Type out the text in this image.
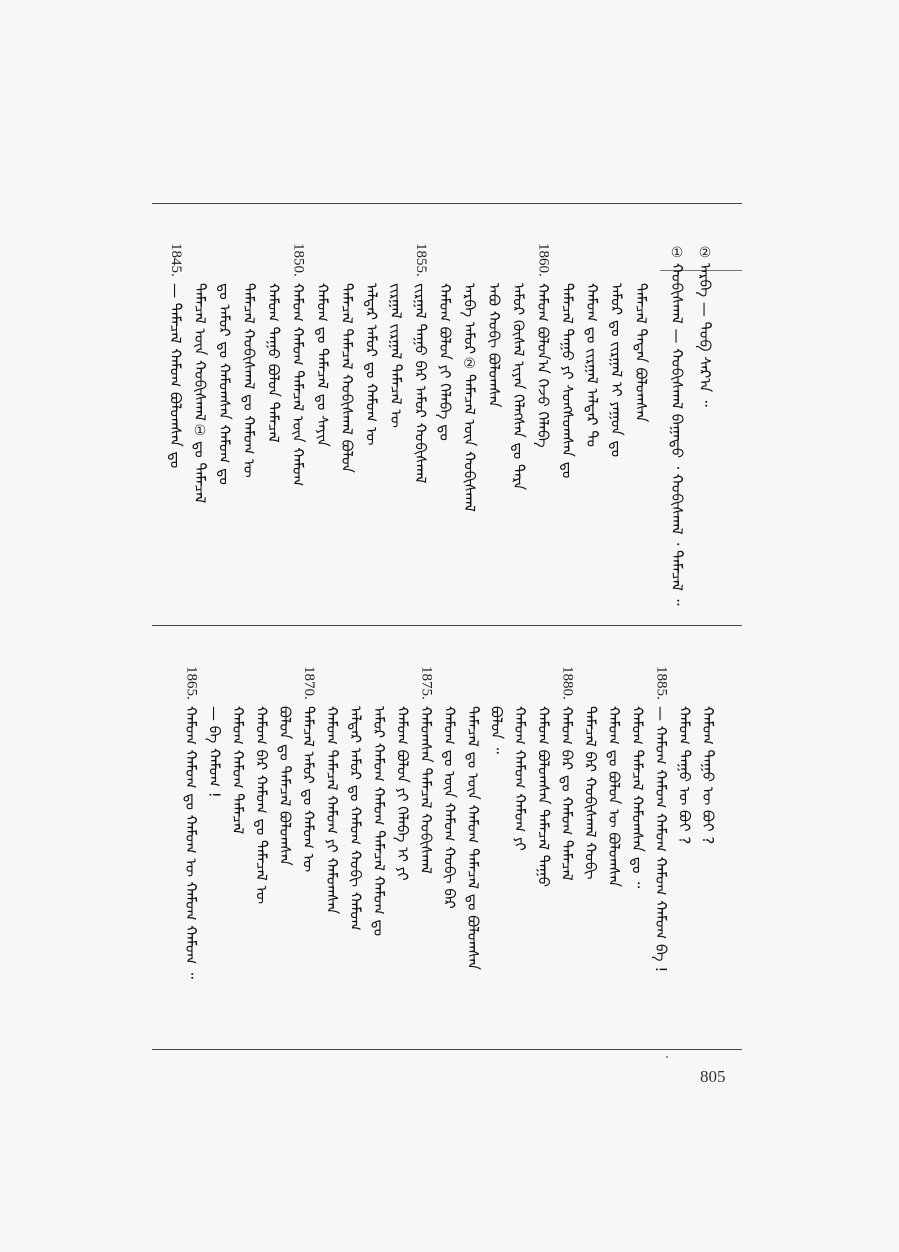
②
ᠠᠷᠪᠠ — ᠲᠤᠪ ᠰᠠᠷ᠎ᠠ ᠃
①
ᠬᠤᠪᠢᠰᠬᠠᠯ — ᠬᠤᠪᠢᠰᠬᠠᠯ ᠪᠠᠭᠠᠲᠤ ᠂ ᠬᠤᠪᠢᠰᠬᠠᠯ ᠂ ᠲᠡᠮᠡᠴᠡᠯ ᠃
ᠲᠡᠮᠡᠴᠡᠯ ᠲᠡᠳᠡᠨ ᠪᠣᠯᠤᠭᠰᠠᠨ
ᠠᠮᠤᠷ ᠳᠤ ᠵᠢᠷᠭᠠᠯ ᠢ ᠶᠠᠭᠤᠨ ᠳᠤ
ᠬᠠᠮᠤᠭ ᠳᠤ ᠵᠢᠷᠭᠠᠯ ᠠᠯᠳᠠᠷ ᠲᠤ
ᠲᠡᠮᠡᠴᠡᠯ ᠳᠠᠭᠤ ᠶᠢ ᠰᠣᠩᠰᠣᠭᠰᠠᠨ ᠳᠤ
1860.
ᠬᠠᠮᠤᠭ ᠪᠣᠯᠤᠨ᠎ᠠ ᠭᠡᠵᠦ ᠬᠡᠯᠡᠪᠡ
ᠠᠮᠤᠷ ᠬᠦᠰᠡᠯ ᠢᠶᠡᠨ ᠬᠡᠯᠡᠭᠰᠡᠨ ᠳᠤ ᠲᠡᠷᠡ
ᠠᠪᠤ ᠬᠤᠪᠢ ᠪᠣᠯᠤᠭᠰᠠᠨ
ᠠᠷᠪᠠ ᠠᠮᠤᠷ
②
ᠲᠡᠮᠡᠴᠡᠯ ᠦᠨ ᠬᠤᠪᠢᠰᠬᠠᠯ
ᠬᠠᠮᠤᠭ ᠪᠣᠯᠤᠨ ᠶᠢ ᠬᠡᠯᠡᠪᠡ ᠳᠤ
1855.
ᠵᠢᠷᠭᠠᠯ ᠳᠠᠭᠤ ᠪᠠᠷ ᠠᠮᠤᠷ ᠬᠤᠪᠢᠰᠬᠠᠯ
ᠵᠢᠷᠭᠠᠯ ᠵᠢᠷᠭᠠᠯ ᠲᠡᠮᠡᠴᠡᠯ ᠦ
ᠠᠯᠳᠠᠷ ᠠᠮᠤᠷ ᠳᠤ ᠬᠠᠮᠤᠭ ᠦ
ᠲᠡᠮᠡᠴᠡᠯ ᠲᠡᠮᠡᠴᠡᠯ ᠬᠤᠪᠢᠰᠬᠠᠯ ᠪᠣᠯᠤᠨ
ᠬᠠᠮᠤᠭ ᠳᠤ ᠲᠡᠮᠡᠴᠡᠯ ᠳᠤ ᠰᠠᠶᠢᠨ
1850.
ᠬᠠᠮᠤᠭ ᠬᠠᠮᠤᠭ ᠲᠡᠮᠡᠴᠡᠯ ᠦᠨ ᠬᠠᠮᠤᠭ
ᠬᠠᠮᠤᠭ ᠳᠠᠭᠤ ᠪᠣᠯᠤᠨ ᠲᠡᠮᠡᠴᠡᠯ
ᠲᠡᠮᠡᠴᠡᠯ ᠬᠤᠪᠢᠰᠬᠠᠯ ᠳᠤ ᠬᠠᠮᠤᠭ ᠦ
ᠳᠤ ᠠᠮᠤᠷ ᠳᠤ ᠬᠠᠮᠤᠭᠰᠠᠨ ᠬᠠᠮᠤᠭ ᠳᠤ
ᠲᠡᠮᠡᠴᠡᠯ ᠦᠨ ᠬᠤᠪᠢᠰᠬᠠᠯ
①
ᠳᠤ ᠲᠡᠮᠡᠴᠡᠯ
1845.
— ᠲᠡᠮᠡᠴᠡᠯ ᠬᠠᠮᠤᠭ ᠪᠣᠯᠤᠭᠰᠠᠨ ᠳᠤ
ᠬᠠᠮᠤᠭ ᠳᠠᠭᠤ ᠦ ᠪᠣᠢ ?
ᠬᠠᠮᠤᠭ ᠳᠠᠭᠤ ᠦ ᠪᠣᠢ ?
1885.
— ᠬᠠᠮᠤᠭ ᠬᠠᠮᠤᠭ ᠬᠠᠮᠤᠭ ᠬᠠᠮᠤᠭ ᠬᠠᠮᠤᠭ ᠪᠠ !
ᠬᠠᠮᠤᠭ ᠲᠡᠮᠡᠴᠡᠯ ᠬᠠᠮᠤᠭᠰᠠᠨ ᠳᠤ ᠃
ᠬᠠᠮᠤᠭ ᠳᠤ ᠪᠣᠯᠤᠨ ᠦ ᠪᠣᠯᠤᠭᠰᠠᠨ
ᠲᠡᠮᠡᠴᠡᠯ ᠪᠠᠷ ᠬᠤᠪᠢᠰᠬᠠᠯ ᠬᠤᠪᠢ
1880.
ᠬᠠᠮᠤᠭ ᠪᠠᠷ ᠳᠤ ᠬᠠᠮᠤᠭ ᠲᠡᠮᠡᠴᠡᠯ
ᠬᠠᠮᠤᠭ ᠪᠣᠯᠤᠭᠰᠠᠨ ᠲᠡᠮᠡᠴᠡᠯ ᠳᠠᠭᠤ
ᠬᠠᠮᠤᠭ ᠬᠠᠮᠤᠭ ᠬᠠᠮᠤᠭ ᠶᠢ
ᠪᠣᠯᠤᠨ ᠃
ᠲᠡᠮᠡᠴᠡᠯ ᠳᠤ ᠦᠨ ᠬᠠᠮᠤᠭ ᠲᠡᠮᠡᠴᠡᠯ ᠳᠤ ᠪᠣᠯᠤᠭᠰᠠᠨ
ᠬᠠᠮᠤᠭ ᠳᠤ ᠦᠨ ᠬᠠᠮᠤᠭ ᠬᠤᠪᠢ ᠪᠠᠷ
1875.
ᠬᠠᠮᠤᠭᠰᠠᠨ ᠲᠡᠮᠡᠴᠡᠯ ᠬᠤᠪᠢᠰᠬᠠᠯ
ᠬᠠᠮᠤᠭ ᠪᠣᠯᠤᠨ ᠶᠢ ᠬᠡᠯᠡᠪᠡ ᠢ ᠶᠢ
ᠠᠮᠤᠷ ᠬᠠᠮᠤᠭ ᠬᠠᠮᠤᠭ ᠲᠡᠮᠡᠴᠡᠯ ᠬᠠᠮᠤᠭ ᠳᠤ
ᠠᠯᠳᠠᠷ ᠠᠮᠤᠷ ᠳᠤ ᠬᠠᠮᠤᠭ ᠬᠤᠪᠢ ᠬᠠᠮᠤᠭ
ᠬᠠᠮᠤᠭ ᠲᠡᠮᠡᠴᠡᠯ ᠬᠠᠮᠤᠭ ᠶᠢ ᠬᠠᠮᠤᠭᠰᠠᠨ
1870.
ᠲᠡᠮᠡᠴᠡᠯ ᠠᠮᠤᠷ ᠳᠤ ᠬᠠᠮᠤᠭ ᠦ
ᠪᠣᠯᠤᠨ ᠳᠤ ᠲᠡᠮᠡᠴᠡᠯ ᠪᠣᠯᠤᠭᠰᠠᠨ
ᠬᠠᠮᠤᠭ ᠪᠠᠷ ᠬᠠᠮᠤᠭ ᠳᠤ ᠲᠡᠮᠡᠴᠡᠯ ᠦ
ᠬᠠᠮᠤᠭ ᠬᠠᠮᠤᠭ ᠲᠡᠮᠡᠴᠡᠯ
— ᠪᠠ ᠬᠠᠮᠤᠭ !
1865.
ᠬᠠᠮᠤᠭ ᠬᠠᠮᠤᠭ ᠳᠤ ᠬᠠᠮᠤᠭ ᠦ ᠬᠠᠮᠤᠭ ᠬᠠᠮᠤᠭ ᠃
805
